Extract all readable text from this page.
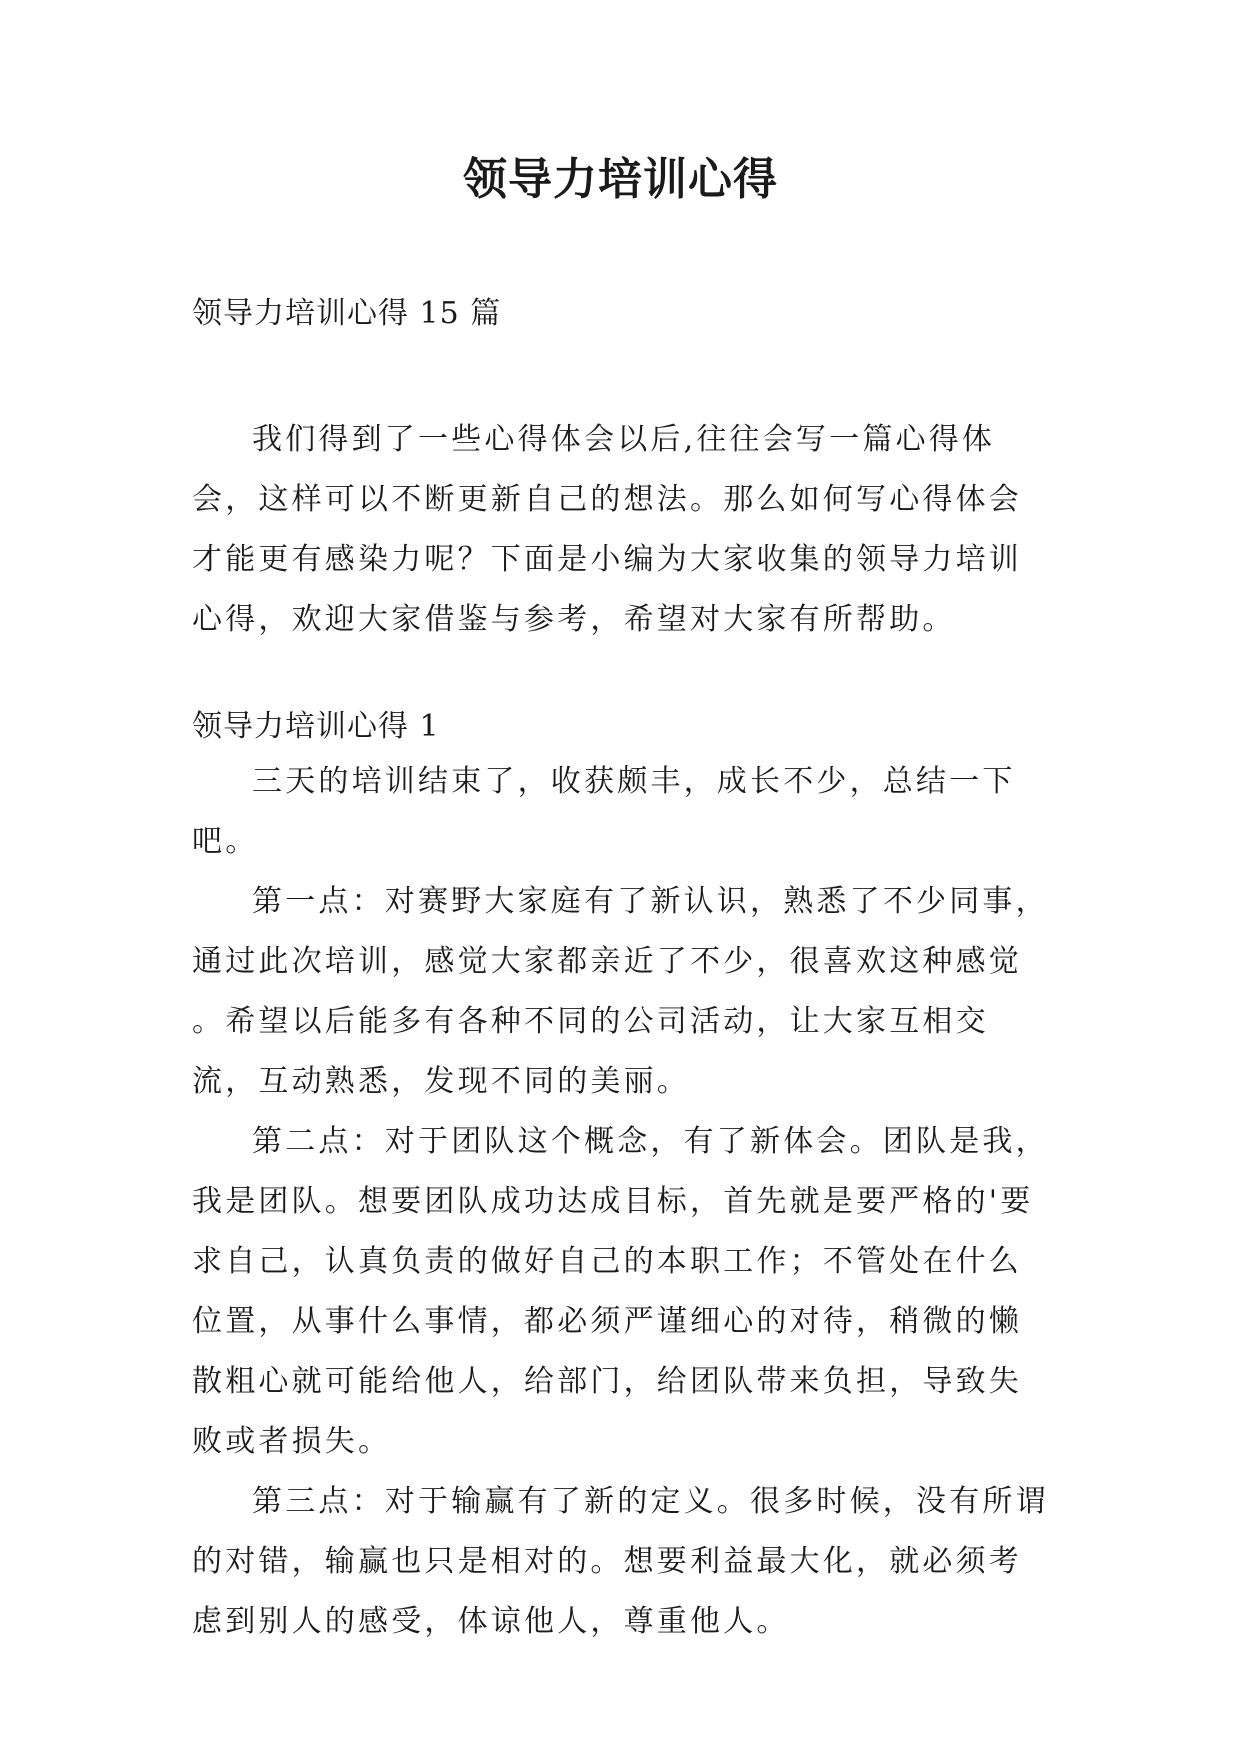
领导力培训心得
领导力培训心得 15 篇

我们得到了一些心得体会以后,往往会写一篇心得体会，这样可以不断更新自己的想法。那么如何写心得体会才能更有感染力呢？下面是小编为大家收集的领导力培训心得，欢迎大家借鉴与参考，希望对大家有所帮助。

领导力培训心得 1

三天的培训结束了，收获颇丰，成长不少，总结一下吧。

第一点：对赛野大家庭有了新认识，熟悉了不少同事，通过此次培训，感觉大家都亲近了不少，很喜欢这种感觉 。希望以后能多有各种不同的公司活动，让大家互相交流，互动熟悉，发现不同的美丽。

第二点：对于团队这个概念，有了新体会。团队是我，我是团队。想要团队成功达成目标，首先就是要严格的'要求自己，认真负责的做好自己的本职工作；不管处在什么位置，从事什么事情，都必须严谨细心的对待，稍微的懒散粗心就可能给他人，给部门，给团队带来负担，导致失败或者损失。

第三点：对于输赢有了新的定义。很多时候，没有所谓的对错，输赢也只是相对的。想要利益最大化，就必须考虑到别人的感受，体谅他人，尊重他人。
